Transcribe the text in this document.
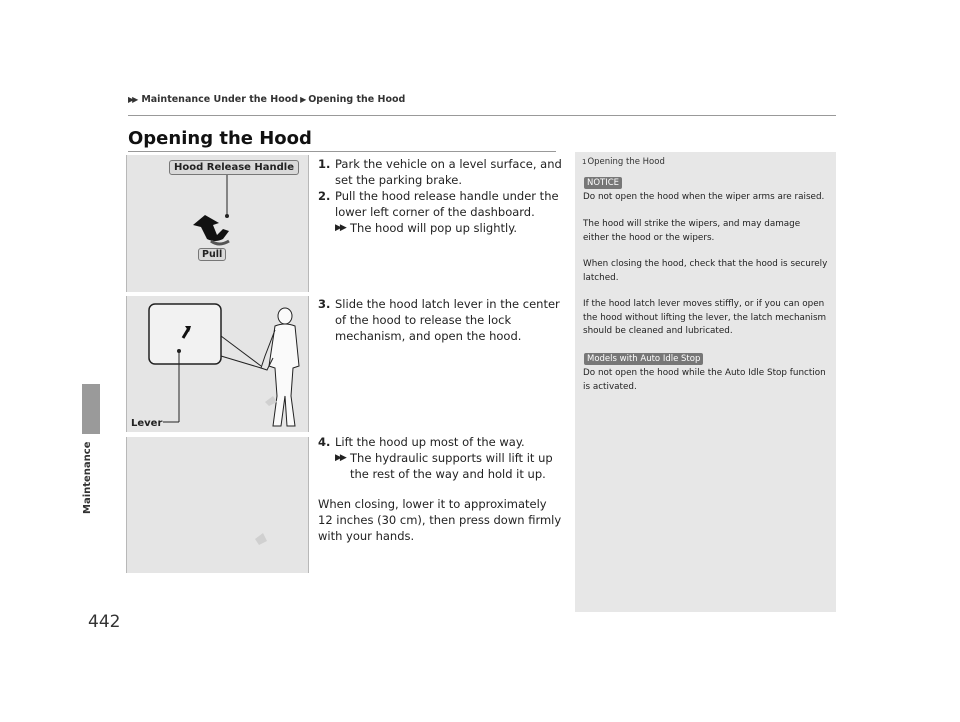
Maintenance
442
▶▶ Maintenance Under the Hood ▶ Opening the Hood
Opening the Hood
Hood Release Handle
Pull
Lever
1. Park the vehicle on a level surface, and set the parking brake.
2. Pull the hood release handle under the lower left corner of the dashboard.
▶▶ The hood will pop up slightly.
3. Slide the hood latch lever in the center of the hood to release the lock mechanism, and open the hood.
4. Lift the hood up most of the way.
▶▶ The hydraulic supports will lift it up the rest of the way and hold it up.
When closing, lower it to approximately 12 inches (30 cm), then press down firmly with your hands.
1Opening the Hood
NOTICE
Do not open the hood when the wiper arms are raised.
The hood will strike the wipers, and may damage either the hood or the wipers.
When closing the hood, check that the hood is securely latched.
If the hood latch lever moves stiffly, or if you can open the hood without lifting the lever, the latch mechanism should be cleaned and lubricated.
Models with Auto Idle Stop
Do not open the hood while the Auto Idle Stop function is activated.
